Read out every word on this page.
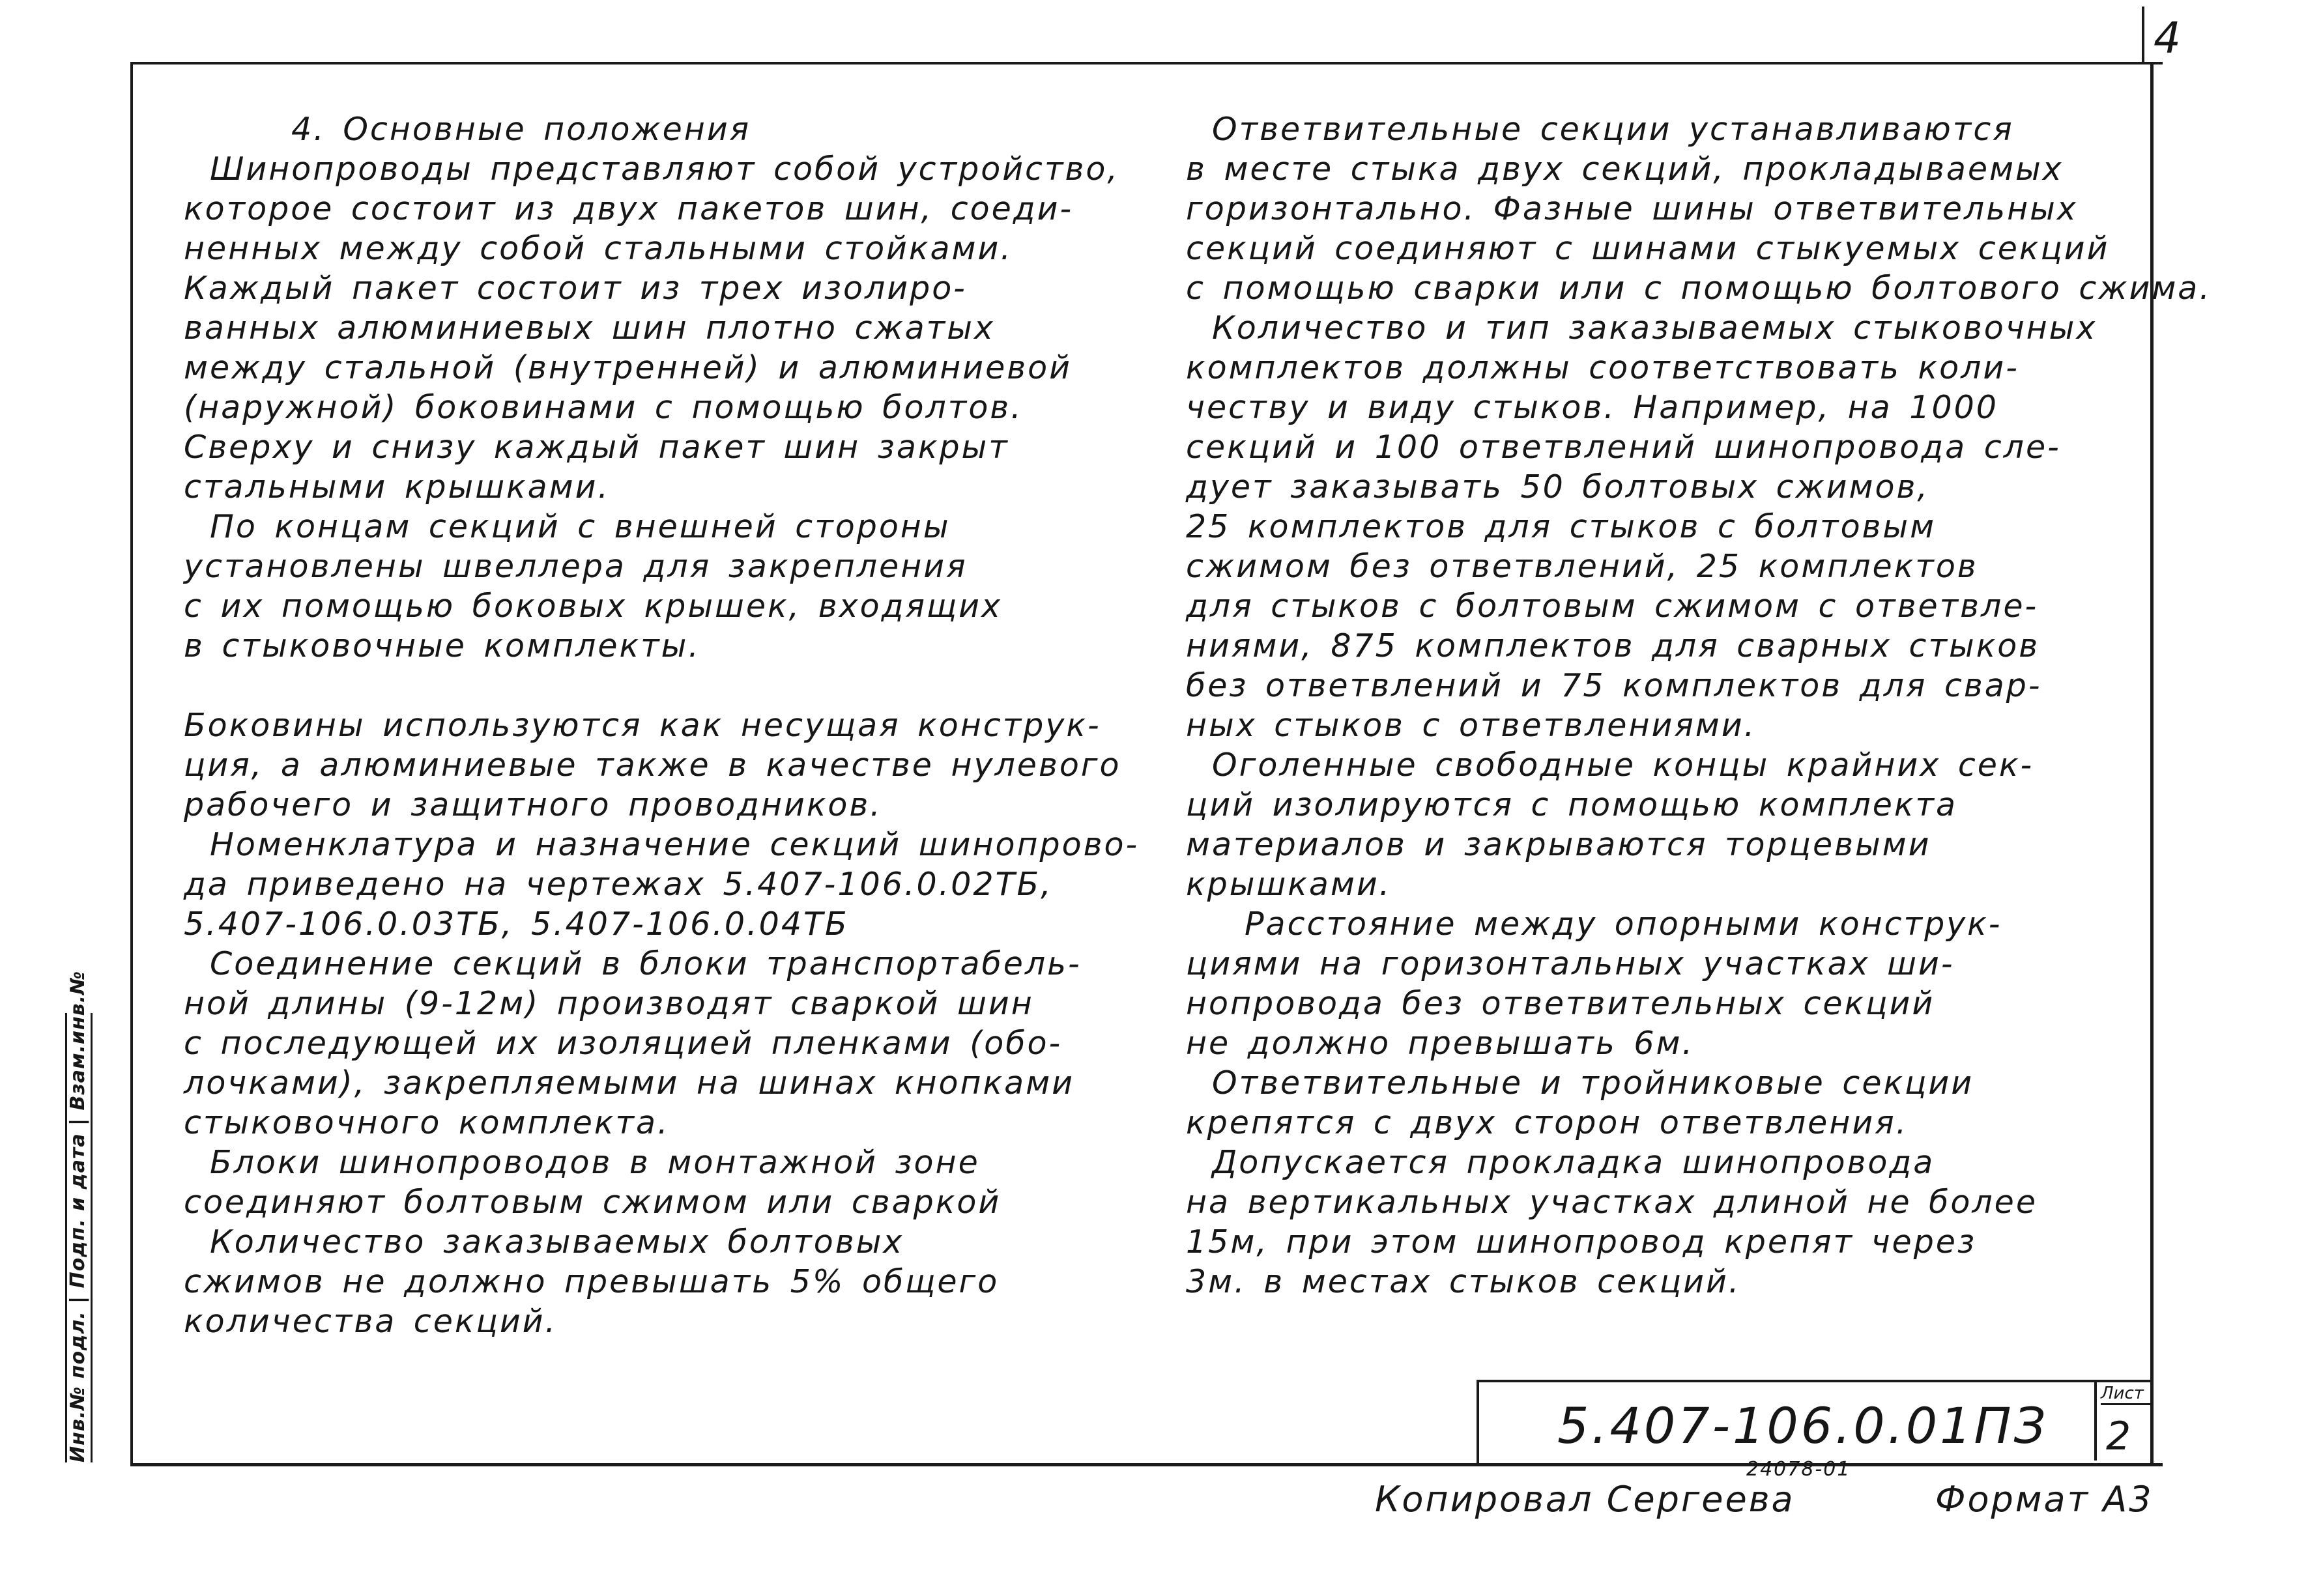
4
4. Основные положения
Шинопроводы представляют собой устройство,
которое состоит из двух пакетов шин, соеди-
ненных между собой стальными стойками.
Каждый пакет состоит из трех изолиро-
ванных алюминиевых шин плотно сжатых
между стальной (внутренней) и алюминиевой
(наружной) боковинами с помощью болтов.
Сверху и снизу каждый пакет шин закрыт
стальными крышками.
По концам секций с внешней стороны
установлены швеллера для закрепления
с их помощью боковых крышек, входящих
в стыковочные комплекты.
Боковины используются как несущая конструк-
ция, а алюминиевые также в качестве нулевого
рабочего и защитного проводников.
Номенклатура и назначение секций шинопрово-
да приведено на чертежах 5.407-106.0.02ТБ,
5.407-106.0.03ТБ, 5.407-106.0.04ТБ
Соединение секций в блоки транспортабель-
ной длины (9-12м) производят сваркой шин
с последующей их изоляцией пленками (обо-
лочками), закрепляемыми на шинах кнопками
стыковочного комплекта.
Блоки шинопроводов в монтажной зоне
соединяют болтовым сжимом или сваркой
Количество заказываемых болтовых
сжимов не должно превышать 5% общего
количества секций.
Ответвительные секции устанавливаются
в месте стыка двух секций, прокладываемых
горизонтально. Фазные шины ответвительных
секций соединяют с шинами стыкуемых секций
с помощью сварки или с помощью болтового сжима.
Количество и тип заказываемых стыковочных
комплектов должны соответствовать коли-
честву и виду стыков. Например, на 1000
секций и 100 ответвлений шинопровода сле-
дует заказывать 50 болтовых сжимов,
25 комплектов для стыков с болтовым
сжимом без ответвлений, 25 комплектов
для стыков с болтовым сжимом с ответвле-
ниями, 875 комплектов для сварных стыков
без ответвлений и 75 комплектов для свар-
ных стыков с ответвлениями.
Оголенные свободные концы крайних сек-
ций изолируются с помощью комплекта
материалов и закрываются торцевыми
крышками.
Расстояние между опорными конструк-
циями на горизонтальных участках ши-
нопровода без ответвительных секций
не должно превышать 6м.
Ответвительные и тройниковые секции
крепятся с двух сторон ответвления.
Допускается прокладка шинопровода
на вертикальных участках длиной не более
15м, при этом шинопровод крепят через
3м. в местах стыков секций.
Инв.№ подл. | Подп. и дата | Взам.инв.№	5.407-106.0.01ПЗ
Лист
2
24078-01
Копировал Сергеева	Формат А3
